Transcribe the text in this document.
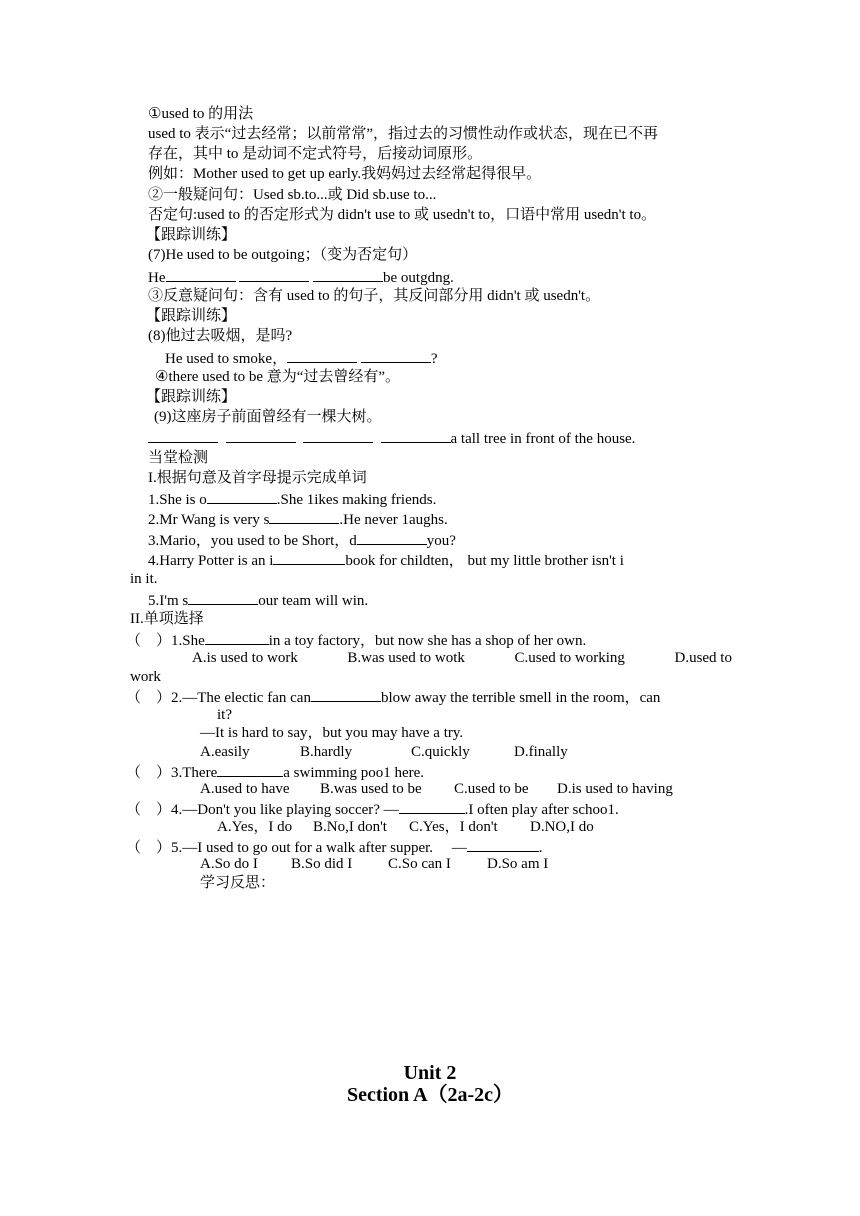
①used to 的用法
used to 表示“过去经常；以前常常”，指过去的习惯性动作或状态，现在已不再
存在，其中 to 是动词不定式符号，后接动词原形。
例如：Mother used to get up early.我妈妈过去经常起得很早。
②一般疑问句：Used sb.to...或 Did sb.use to...
否定句:used to 的否定形式为 didn't use to 或 usedn't to，口语中常用 usedn't to。
【跟踪训练】
(7)He used to be outgoing；（变为否定句）
He	be outgdng.
③反意疑问句：含有 used to 的句子，其反问部分用 didn't 或 usedn't。
【跟踪训练】
(8)他过去吸烟，是吗?
He used to smoke，	?
④there used to be 意为“过去曾经有”。
【跟踪训练】
(9)这座房子前面曾经有一棵大树。
a tall tree in front of the house.
当堂检测
I.根据句意及首字母提示完成单词
1.She is o	.She 1ikes making friends.
2.Mr Wang is very s	.He never 1aughs.
3.Mario，you used to be Short，d	you?
4.Harry Potter is an i	book for childten， but my little brother isn't i
in it.
5.I'm s	our team will win.
II.单项选择
（　）1.She	in a toy factory，but now she has a shop of her own.
A.is used to work	B.was used to wotk	C.used to working	D.used to
work
（　）2.—The electic fan can	blow away the terrible smell in the room，can
it?
—It is hard to say，but you may have a try.
A.easily	B.hardly	C.quickly	D.finally
（　）3.There	a swimming poo1 here.
A.used to have B.was used to be C.used to be D.is used to having
（　）4.—Don't you like playing soccer? —	.I often play after schoo1.
A.Yes，I do B.No,I don't C.Yes，I don't D.NO,I do
（　）5.—I used to go out for a walk after supper.　 —	.
A.So do I B.So did I C.So can I D.So am I
学习反思：
Unit 2
Section A（2a-2c）
